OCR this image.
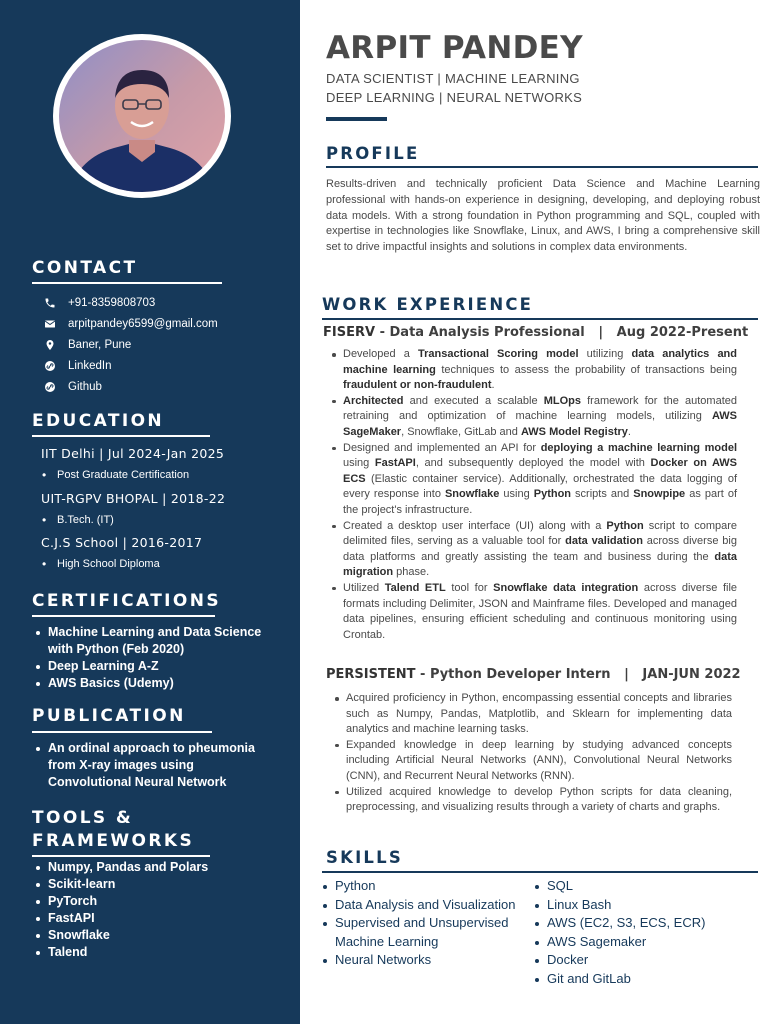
CONTACT
+91-8359808703
arpitpandey6599@gmail.com
Baner, Pune
LinkedIn
Github
EDUCATION
IIT Delhi | Jul 2024-Jan 2025
• Post Graduate Certification
UIT-RGPV BHOPAL | 2018-22
• B.Tech. (IT)
C.J.S School | 2016-2017
• High School Diploma
CERTIFICATIONS
Machine Learning and Data Science with Python (Feb 2020)
Deep Learning A-Z
AWS Basics (Udemy)
PUBLICATION
An ordinal approach to pheumonia from X-ray images using Convolutional Neural Network
TOOLS &
FRAMEWORKS
Numpy, Pandas and Polars
Scikit-learn
PyTorch
FastAPI
Snowflake
Talend
ARPIT PANDEY
DATA SCIENTIST | MACHINE LEARNING
DEEP LEARNING | NEURAL NETWORKS
PROFILE
Results-driven and technically proficient Data Science and Machine Learning professional with hands-on experience in designing, developing, and deploying robust data models. With a strong foundation in Python programming and SQL, coupled with expertise in technologies like Snowflake, Linux, and AWS, I bring a comprehensive skill set to drive impactful insights and solutions in complex data environments.
WORK EXPERIENCE
FISERV - Data Analysis Professional   |   Aug 2022-Present
Developed a Transactional Scoring model utilizing data analytics and machine learning techniques to assess the probability of transactions being fraudulent or non-fraudulent.
Architected and executed a scalable MLOps framework for the automated retraining and optimization of machine learning models, utilizing AWS SageMaker, Snowflake, GitLab and AWS Model Registry.
Designed and implemented an API for deploying a machine learning model using FastAPI, and subsequently deployed the model with Docker on AWS ECS (Elastic container service). Additionally, orchestrated the data logging of every response into Snowflake using Python scripts and Snowpipe as part of the project's infrastructure.
Created a desktop user interface (UI) along with a Python script to compare delimited files, serving as a valuable tool for data validation across diverse big data platforms and greatly assisting the team and business during the data migration phase.
Utilized Talend ETL tool for Snowflake data integration across diverse file formats including Delimiter, JSON and Mainframe files. Developed and managed data pipelines, ensuring efficient scheduling and continuous monitoring using Crontab.
PERSISTENT - Python Developer Intern   |   JAN-JUN 2022
Acquired proficiency in Python, encompassing essential concepts and libraries such as Numpy, Pandas, Matplotlib, and Sklearn for implementing data analytics and machine learning tasks.
Expanded knowledge in deep learning by studying advanced concepts including Artificial Neural Networks (ANN), Convolutional Neural Networks (CNN), and Recurrent Neural Networks (RNN).
Utilized acquired knowledge to develop Python scripts for data cleaning, preprocessing, and visualizing results through a variety of charts and graphs.
SKILLS
Python
Data Analysis and Visualization
Supervised and Unsupervised Machine Learning
Neural Networks
SQL
Linux Bash
AWS (EC2, S3, ECS, ECR)
AWS Sagemaker
Docker
Git and GitLab
